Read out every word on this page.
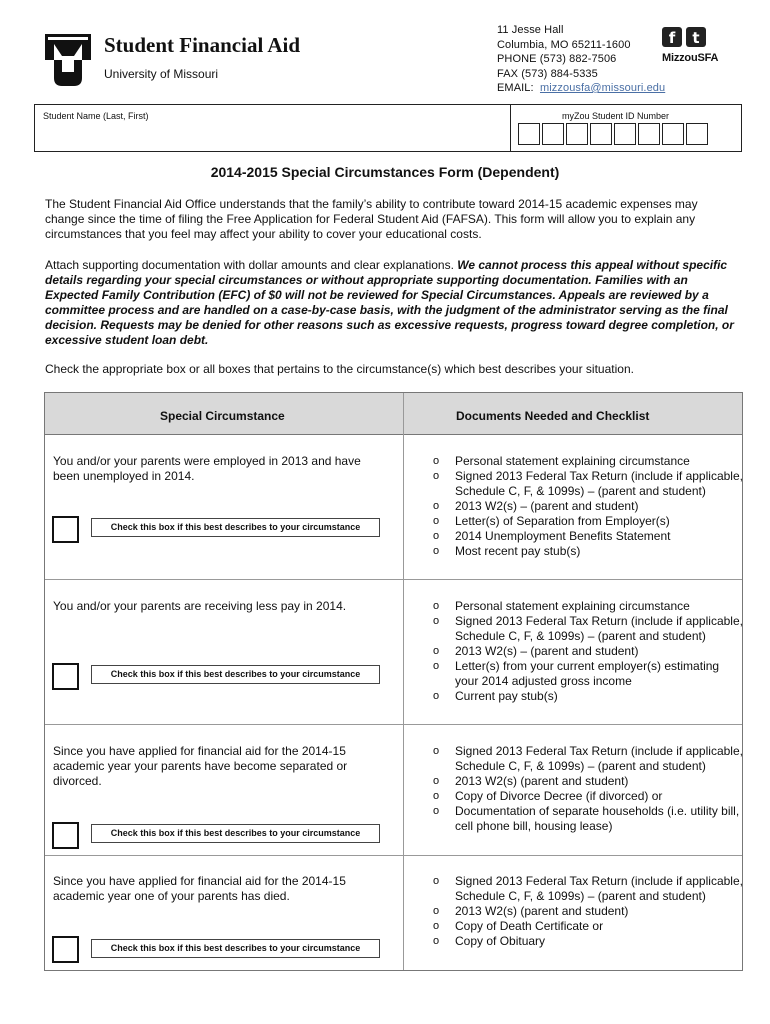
Student Financial Aid
University of Missouri
11 Jesse Hall
Columbia, MO 65211-1600
PHONE (573) 882-7506
FAX (573) 884-5335
EMAIL: mizzousfa@missouri.edu
f t
MizzouSFA
Student Name (Last, First)	myZou Student ID Number
2014-2015 Special Circumstances Form (Dependent)
The Student Financial Aid Office understands that the family’s ability to contribute toward 2014-15 academic expenses may change since the time of filing the Free Application for Federal Student Aid (FAFSA). This form will allow you to explain any circumstances that you feel may affect your ability to cover your educational costs.
Attach supporting documentation with dollar amounts and clear explanations. We cannot process this appeal without specific details regarding your special circumstances or without appropriate supporting documentation. Families with an Expected Family Contribution (EFC) of $0 will not be reviewed for Special Circumstances. Appeals are reviewed by a committee process and are handled on a case-by-case basis, with the judgment of the administrator serving as the final decision. Requests may be denied for other reasons such as excessive requests, progress toward degree completion, or excessive student loan debt.
Check the appropriate box or all boxes that pertains to the circumstance(s) which best describes your situation.
Special Circumstance	Documents Needed and Checklist
You and/or your parents were employed in 2013 and have been unemployed in 2014.
Check this box if this best describes to your circumstance
o Personal statement explaining circumstance
o Signed 2013 Federal Tax Return (include if applicable, Schedule C, F, & 1099s) – (parent and student)
o 2013 W2(s) – (parent and student)
o Letter(s) of Separation from Employer(s)
o 2014 Unemployment Benefits Statement
o Most recent pay stub(s)
You and/or your parents are receiving less pay in 2014.
Check this box if this best describes to your circumstance
o Personal statement explaining circumstance
o Signed 2013 Federal Tax Return (include if applicable, Schedule C, F, & 1099s) – (parent and student)
o 2013 W2(s) – (parent and student)
o Letter(s) from your current employer(s) estimating your 2014 adjusted gross income
o Current pay stub(s)
Since you have applied for financial aid for the 2014-15 academic year your parents have become separated or divorced.
Check this box if this best describes to your circumstance
o Signed 2013 Federal Tax Return (include if applicable, Schedule C, F, & 1099s) – (parent and student)
o 2013 W2(s) (parent and student)
o Copy of Divorce Decree (if divorced) or
o Documentation of separate households (i.e. utility bill, cell phone bill, housing lease)
Since you have applied for financial aid for the 2014-15 academic year one of your parents has died.
Check this box if this best describes to your circumstance
o Signed 2013 Federal Tax Return (include if applicable, Schedule C, F, & 1099s) – (parent and student)
o 2013 W2(s) (parent and student)
o Copy of Death Certificate or
o Copy of Obituary
